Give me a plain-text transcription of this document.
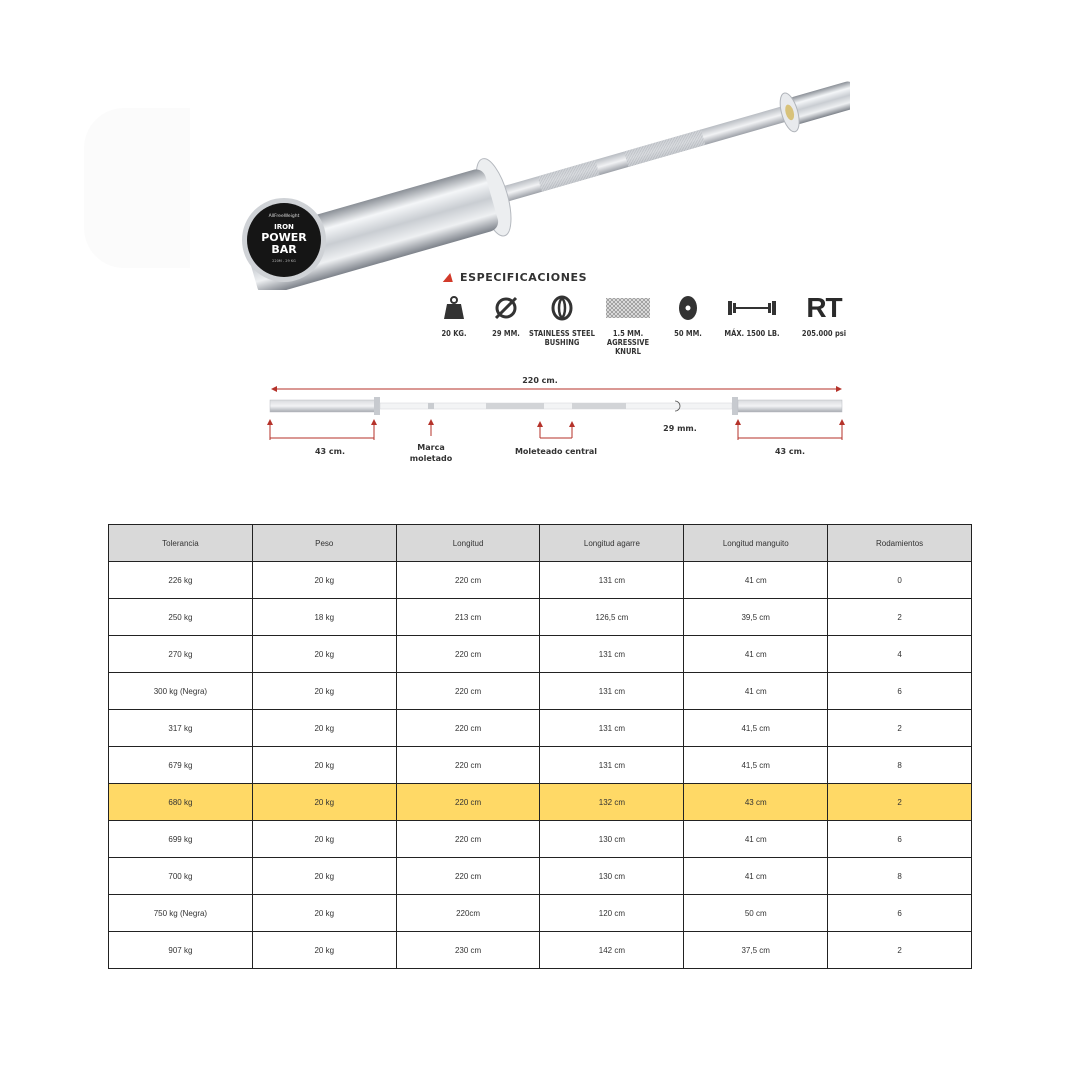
IRON
POWER
BAR
220M - 29 KG
AllFreeWeight
ESPECIFICACIONES
20 KG.	29 MM.	STAINLESS STEEL
BUSHING
1.5 MM.
AGRESSIVE
KNURL
50 MM.	MÁX. 1500 LB.
RT
205.000 psi
220 cm.
43 cm.	Marca
moletado
Moleteado central
29 mm.
43 cm.
Tolerancia	Peso	Longitud	Longitud agarre	Longitud manguito	Rodamientos
226 kg	20 kg	220 cm	131 cm	41 cm	0
250 kg	18 kg	213 cm	126,5 cm	39,5 cm	2
270 kg	20 kg	220 cm	131 cm	41 cm	4
300 kg (Negra)	20 kg	220 cm	131 cm	41 cm	6
317 kg	20 kg	220 cm	131 cm	41,5 cm	2
679 kg	20 kg	220 cm	131 cm	41,5 cm	8
680 kg	20 kg	220 cm	132 cm	43 cm	2
699 kg	20 kg	220 cm	130 cm	41 cm	6
700 kg	20 kg	220 cm	130 cm	41 cm	8
750 kg (Negra)	20 kg	220cm	120 cm	50 cm	6
907 kg	20 kg	230 cm	142 cm	37,5 cm	2
